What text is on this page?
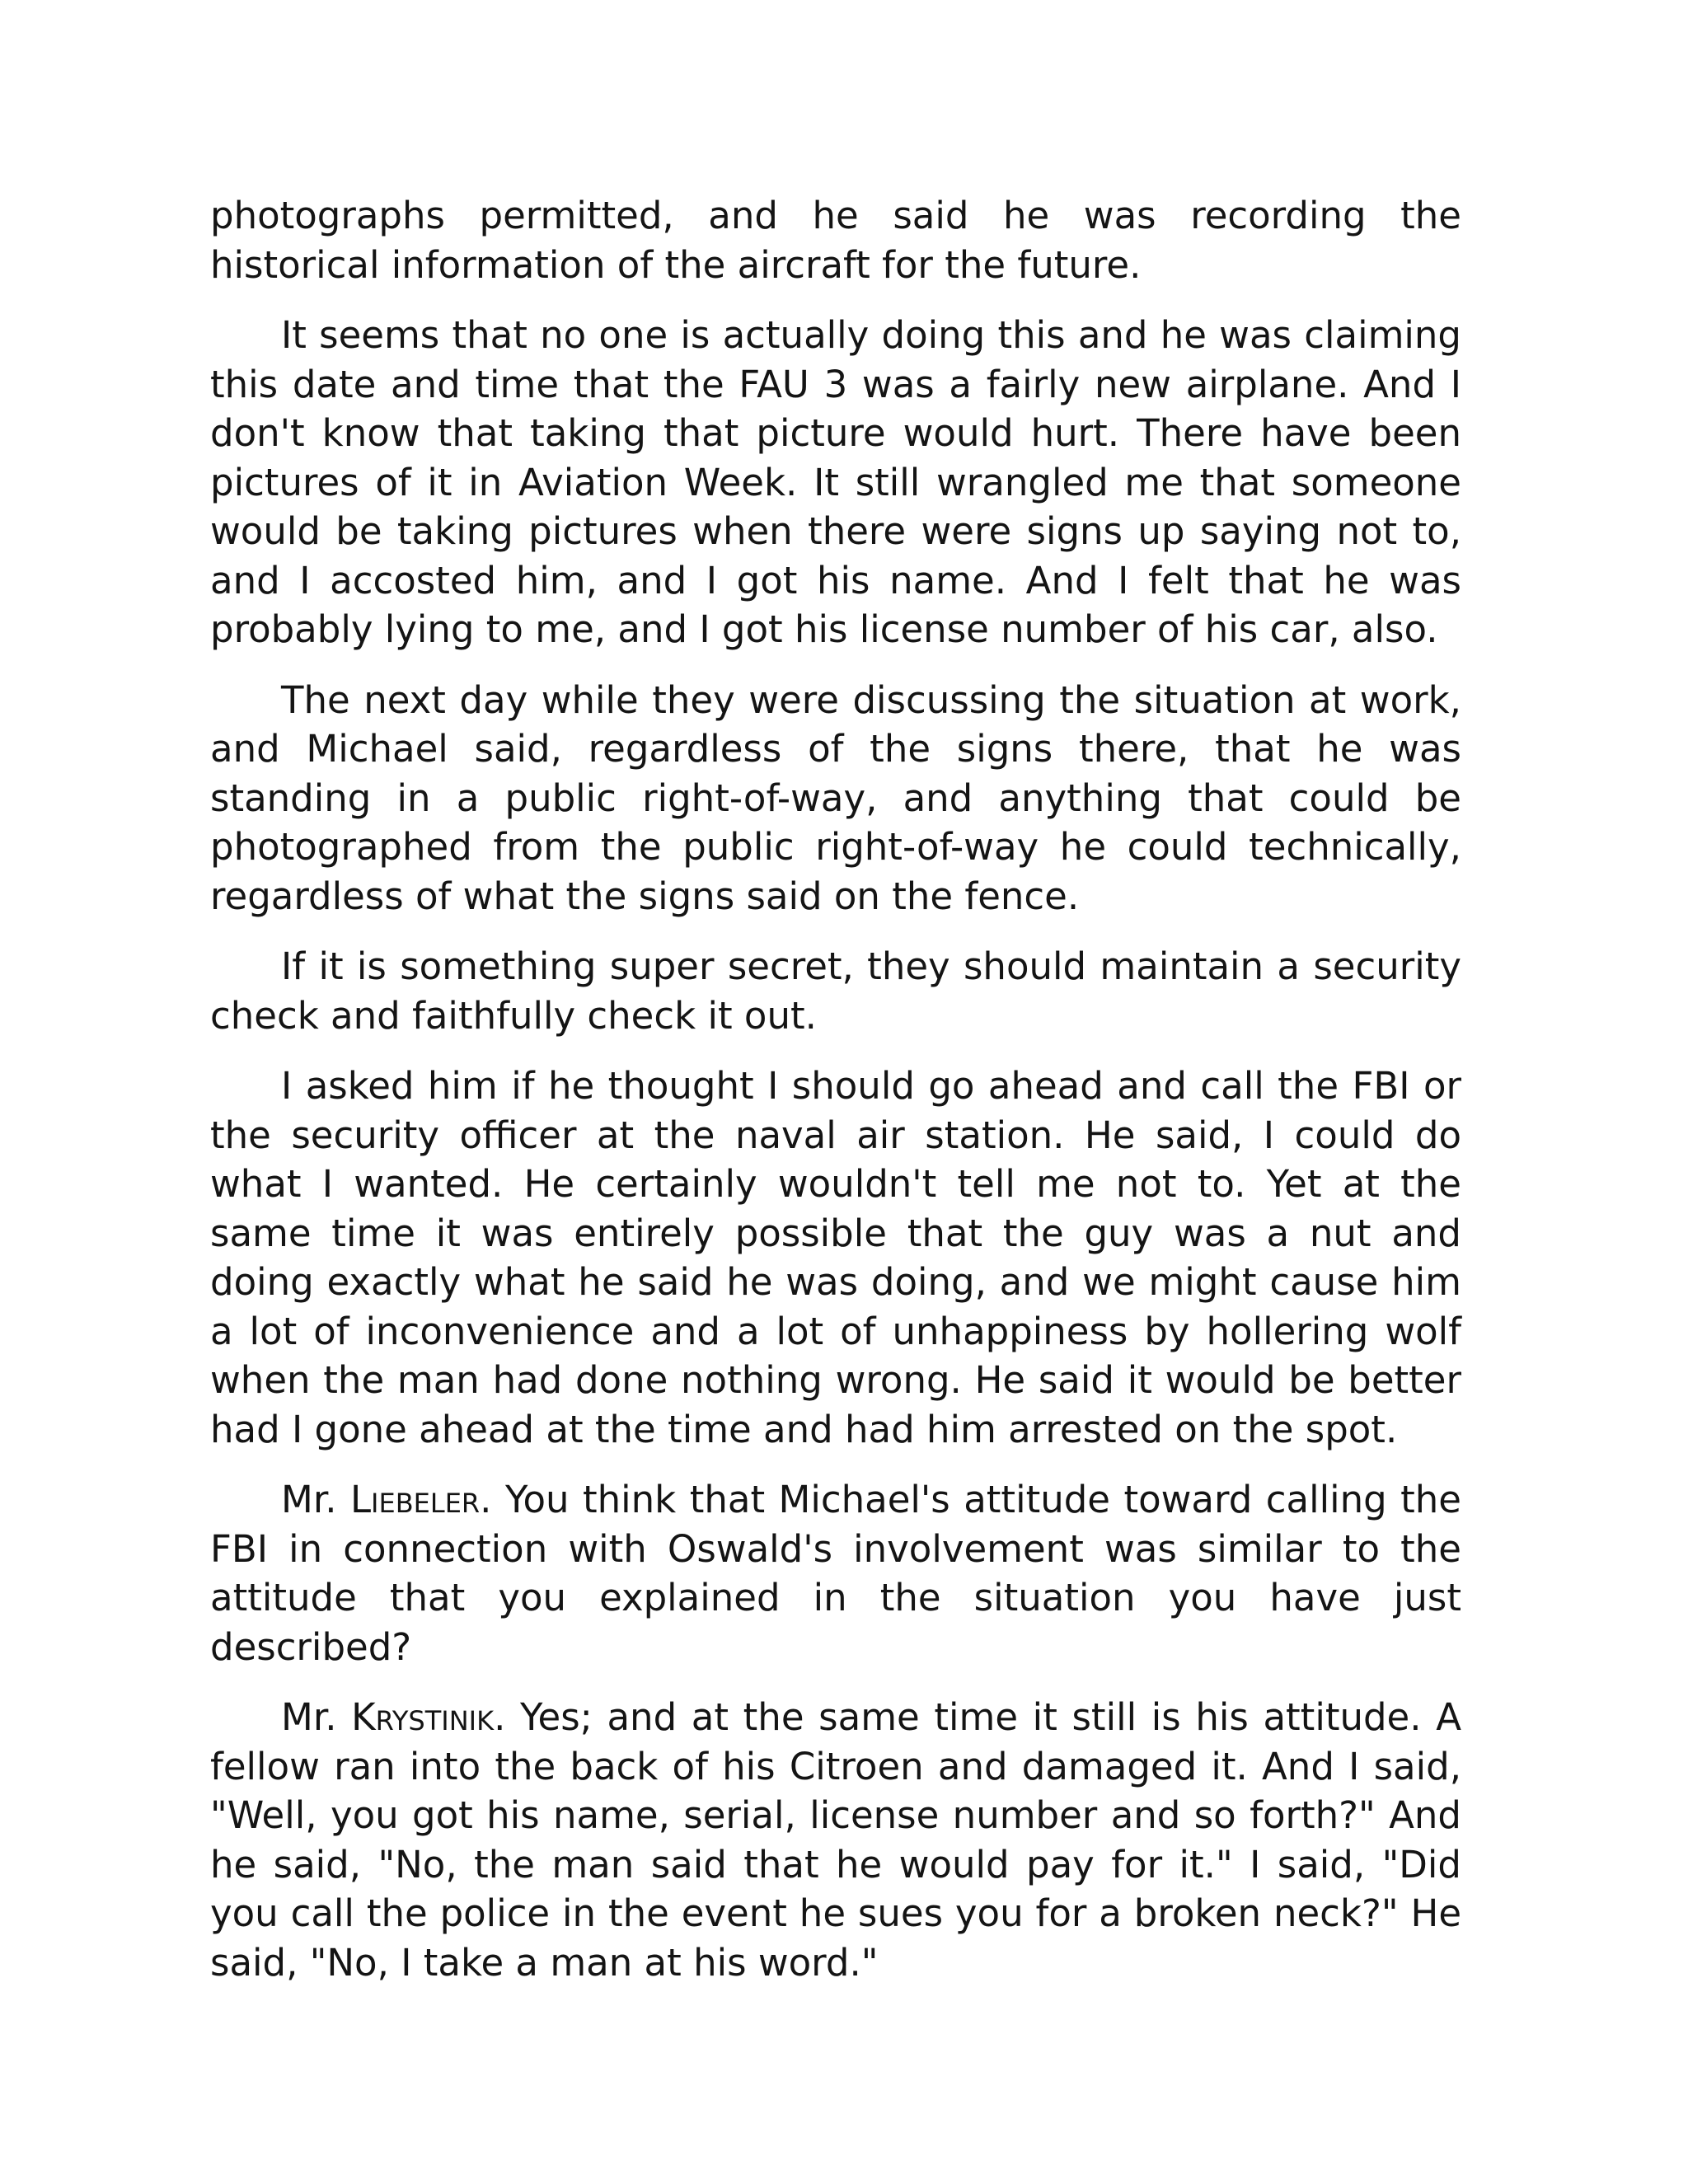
photographs permitted, and he said he was recording the historical information of the aircraft for the future.

It seems that no one is actually doing this and he was claiming this date and time that the FAU 3 was a fairly new airplane. And I don't know that taking that picture would hurt. There have been pictures of it in Aviation Week. It still wrangled me that someone would be taking pictures when there were signs up saying not to, and I accosted him, and I got his name. And I felt that he was probably lying to me, and I got his license number of his car, also.

The next day while they were discussing the situation at work, and Michael said, regardless of the signs there, that he was standing in a public right-of-way, and anything that could be photographed from the public right-of-way he could technically, regardless of what the signs said on the fence.

If it is something super secret, they should maintain a security check and faithfully check it out.

I asked him if he thought I should go ahead and call the FBI or the security officer at the naval air station. He said, I could do what I wanted. He certainly wouldn't tell me not to. Yet at the same time it was entirely possible that the guy was a nut and doing exactly what he said he was doing, and we might cause him a lot of inconvenience and a lot of unhappiness by hollering wolf when the man had done nothing wrong. He said it would be better had I gone ahead at the time and had him arrested on the spot.

Mr. Liebeler. You think that Michael's attitude toward calling the FBI in connection with Oswald's involvement was similar to the attitude that you explained in the situation you have just described?

Mr. Krystinik. Yes; and at the same time it still is his attitude. A fellow ran into the back of his Citroen and damaged it. And I said, "Well, you got his name, serial, license number and so forth?" And he said, "No, the man said that he would pay for it." I said, "Did you call the police in the event he sues you for a broken neck?" He said, "No, I take a man at his word."
